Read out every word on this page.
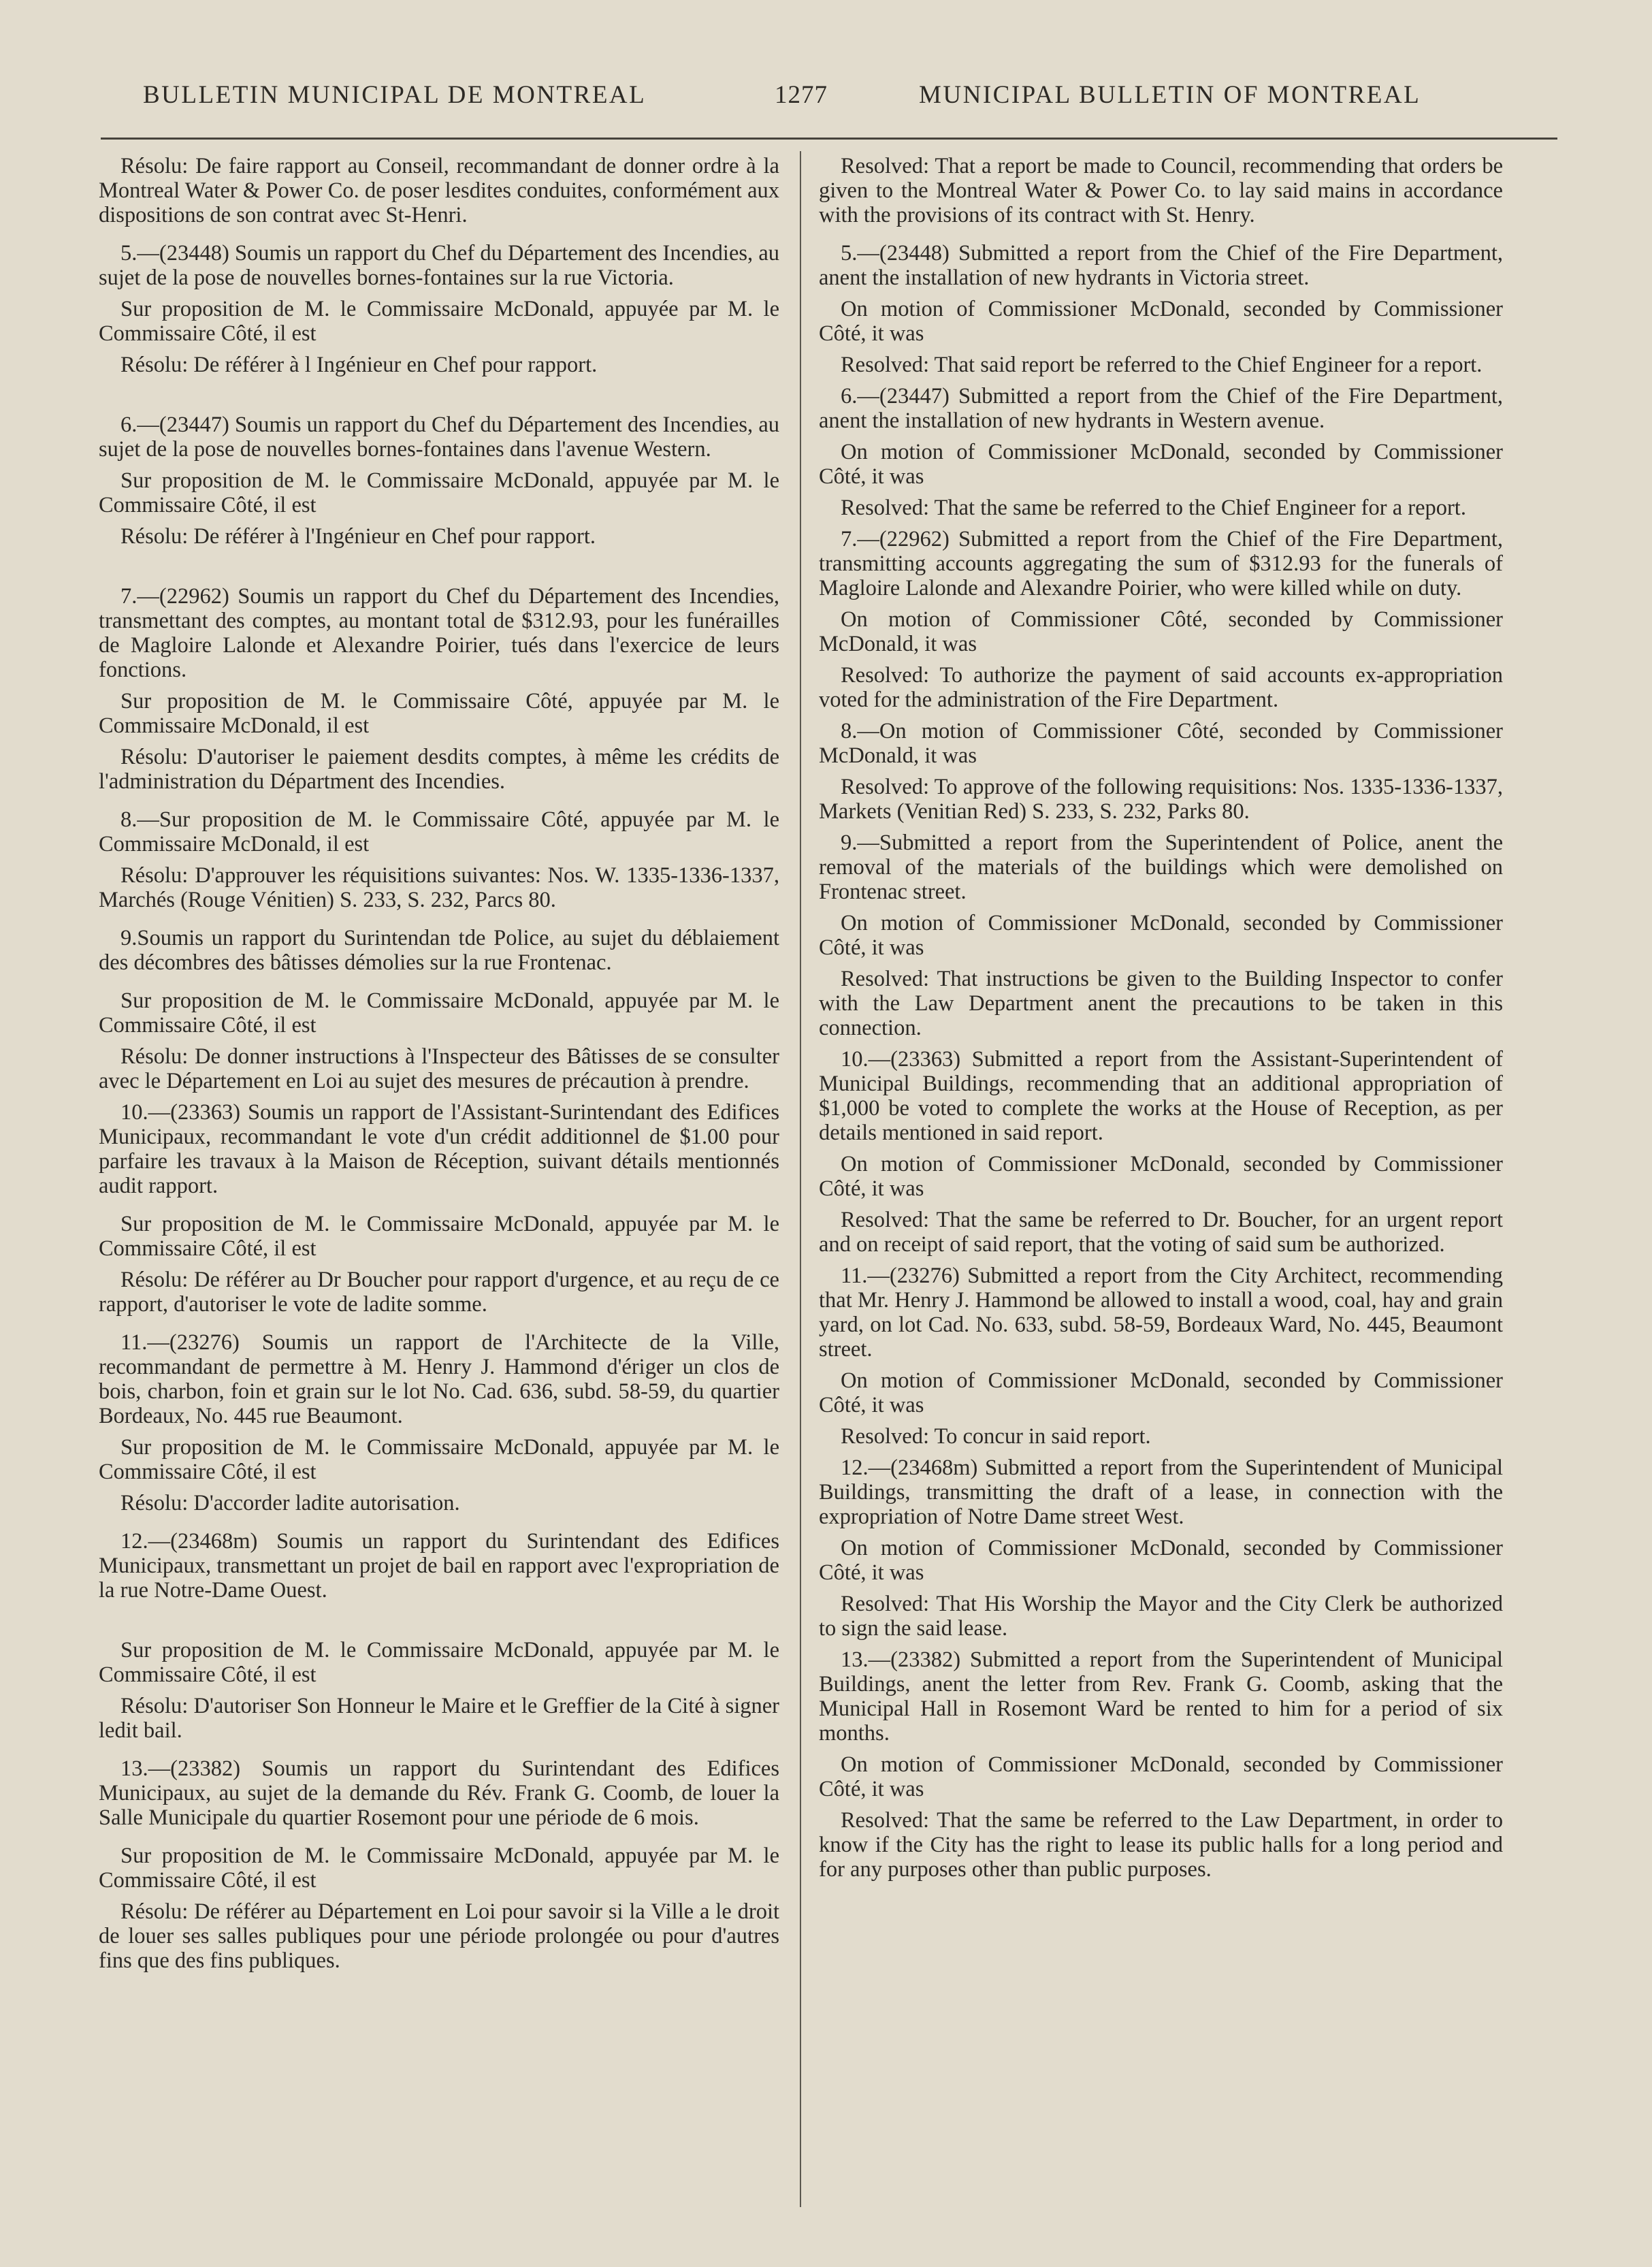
BULLETIN MUNICIPAL DE MONTREAL	1277	MUNICIPAL BULLETIN OF MONTREAL

Résolu: De faire rapport au Conseil, recommandant de donner ordre à la Montreal Water & Power Co. de poser lesdites conduites, conformément aux dispositions de son contrat avec St-Henri.

5.—(23448) Soumis un rapport du Chef du Département des Incendies, au sujet de la pose de nouvelles bornes-fontaines sur la rue Victoria.

Sur proposition de M. le Commissaire McDonald, appuyée par M. le Commissaire Côté, il est

Résolu: De référer à l Ingénieur en Chef pour rapport.

6.—(23447) Soumis un rapport du Chef du Département des Incendies, au sujet de la pose de nouvelles bornes-fontaines dans l'avenue Western.

Sur proposition de M. le Commissaire McDonald, appuyée par M. le Commissaire Côté, il est

Résolu: De référer à l'Ingénieur en Chef pour rapport.

7.—(22962) Soumis un rapport du Chef du Département des Incendies, transmettant des comptes, au montant total de $312.93, pour les funérailles de Magloire Lalonde et Alexandre Poirier, tués dans l'exercice de leurs fonctions.

Sur proposition de M. le Commissaire Côté, appuyée par M. le Commissaire McDonald, il est

Résolu: D'autoriser le paiement desdits comptes, à même les crédits de l'administration du Départment des Incendies.

8.—Sur proposition de M. le Commissaire Côté, appuyée par M. le Commissaire McDonald, il est

Résolu: D'approuver les réquisitions suivantes: Nos. W. 1335-1336-1337, Marchés (Rouge Vénitien) S. 233, S. 232, Parcs 80.

9.Soumis un rapport du Surintendan tde Police, au sujet du déblaiement des décombres des bâtisses démolies sur la rue Frontenac.

Sur proposition de M. le Commissaire McDonald, appuyée par M. le Commissaire Côté, il est

Résolu: De donner instructions à l'Inspecteur des Bâtisses de se consulter avec le Département en Loi au sujet des mesures de précaution à prendre.

10.—(23363) Soumis un rapport de l'Assistant-Surintendant des Edifices Municipaux, recommandant le vote d'un crédit additionnel de $1.00 pour parfaire les travaux à la Maison de Réception, suivant détails mentionnés audit rapport.

Sur proposition de M. le Commissaire McDonald, appuyée par M. le Commissaire Côté, il est

Résolu: De référer au Dr Boucher pour rapport d'urgence, et au reçu de ce rapport, d'autoriser le vote de ladite somme.

11.—(23276) Soumis un rapport de l'Architecte de la Ville, recommandant de permettre à M. Henry J. Hammond d'ériger un clos de bois, charbon, foin et grain sur le lot No. Cad. 636, subd. 58-59, du quartier Bordeaux, No. 445 rue Beaumont.

Sur proposition de M. le Commissaire McDonald, appuyée par M. le Commissaire Côté, il est

Résolu: D'accorder ladite autorisation.

12.—(23468m) Soumis un rapport du Surintendant des Edifices Municipaux, transmettant un projet de bail en rapport avec l'expropriation de la rue Notre-Dame Ouest.

Sur proposition de M. le Commissaire McDonald, appuyée par M. le Commissaire Côté, il est

Résolu: D'autoriser Son Honneur le Maire et le Greffier de la Cité à signer ledit bail.

13.—(23382) Soumis un rapport du Surintendant des Edifices Municipaux, au sujet de la demande du Rév. Frank G. Coomb, de louer la Salle Municipale du quartier Rosemont pour une période de 6 mois.

Sur proposition de M. le Commissaire McDonald, appuyée par M. le Commissaire Côté, il est

Résolu: De référer au Département en Loi pour savoir si la Ville a le droit de louer ses salles publiques pour une période prolongée ou pour d'autres fins que des fins publiques.

Resolved: That a report be made to Council, recommending that orders be given to the Montreal Water & Power Co. to lay said mains in accordance with the provisions of its contract with St. Henry.

5.—(23448) Submitted a report from the Chief of the Fire Department, anent the installation of new hydrants in Victoria street.

On motion of Commissioner McDonald, seconded by Commissioner Côté, it was

Resolved: That said report be referred to the Chief Engineer for a report.

6.—(23447) Submitted a report from the Chief of the Fire Department, anent the installation of new hydrants in Western avenue.

On motion of Commissioner McDonald, seconded by Commissioner Côté, it was

Resolved: That the same be referred to the Chief Engineer for a report.

7.—(22962) Submitted a report from the Chief of the Fire Department, transmitting accounts aggregating the sum of $312.93 for the funerals of Magloire Lalonde and Alexandre Poirier, who were killed while on duty.

On motion of Commissioner Côté, seconded by Commissioner McDonald, it was

Resolved: To authorize the payment of said accounts ex-appropriation voted for the administration of the Fire Department.

8.—On motion of Commissioner Côté, seconded by Commissioner McDonald, it was

Resolved: To approve of the following requisitions: Nos. 1335-1336-1337, Markets (Venitian Red) S. 233, S. 232, Parks 80.

9.—Submitted a report from the Superintendent of Police, anent the removal of the materials of the buildings which were demolished on Frontenac street.

On motion of Commissioner McDonald, seconded by Commissioner Côté, it was

Resolved: That instructions be given to the Building Inspector to confer with the Law Department anent the precautions to be taken in this connection.

10.—(23363) Submitted a report from the Assistant-Superintendent of Municipal Buildings, recommending that an additional appropriation of $1,000 be voted to complete the works at the House of Reception, as per details mentioned in said report.

On motion of Commissioner McDonald, seconded by Commissioner Côté, it was

Resolved: That the same be referred to Dr. Boucher, for an urgent report and on receipt of said report, that the voting of said sum be authorized.

11.—(23276) Submitted a report from the City Architect, recommending that Mr. Henry J. Hammond be allowed to install a wood, coal, hay and grain yard, on lot Cad. No. 633, subd. 58-59, Bordeaux Ward, No. 445, Beaumont street.

On motion of Commissioner McDonald, seconded by Commissioner Côté, it was

Resolved: To concur in said report.

12.—(23468m) Submitted a report from the Superintendent of Municipal Buildings, transmitting the draft of a lease, in connection with the expropriation of Notre Dame street West.

On motion of Commissioner McDonald, seconded by Commissioner Côté, it was

Resolved: That His Worship the Mayor and the City Clerk be authorized to sign the said lease.

13.—(23382) Submitted a report from the Superintendent of Municipal Buildings, anent the letter from Rev. Frank G. Coomb, asking that the Municipal Hall in Rosemont Ward be rented to him for a period of six months.

On motion of Commissioner McDonald, seconded by Commissioner Côté, it was

Resolved: That the same be referred to the Law Department, in order to know if the City has the right to lease its public halls for a long period and for any purposes other than public purposes.
